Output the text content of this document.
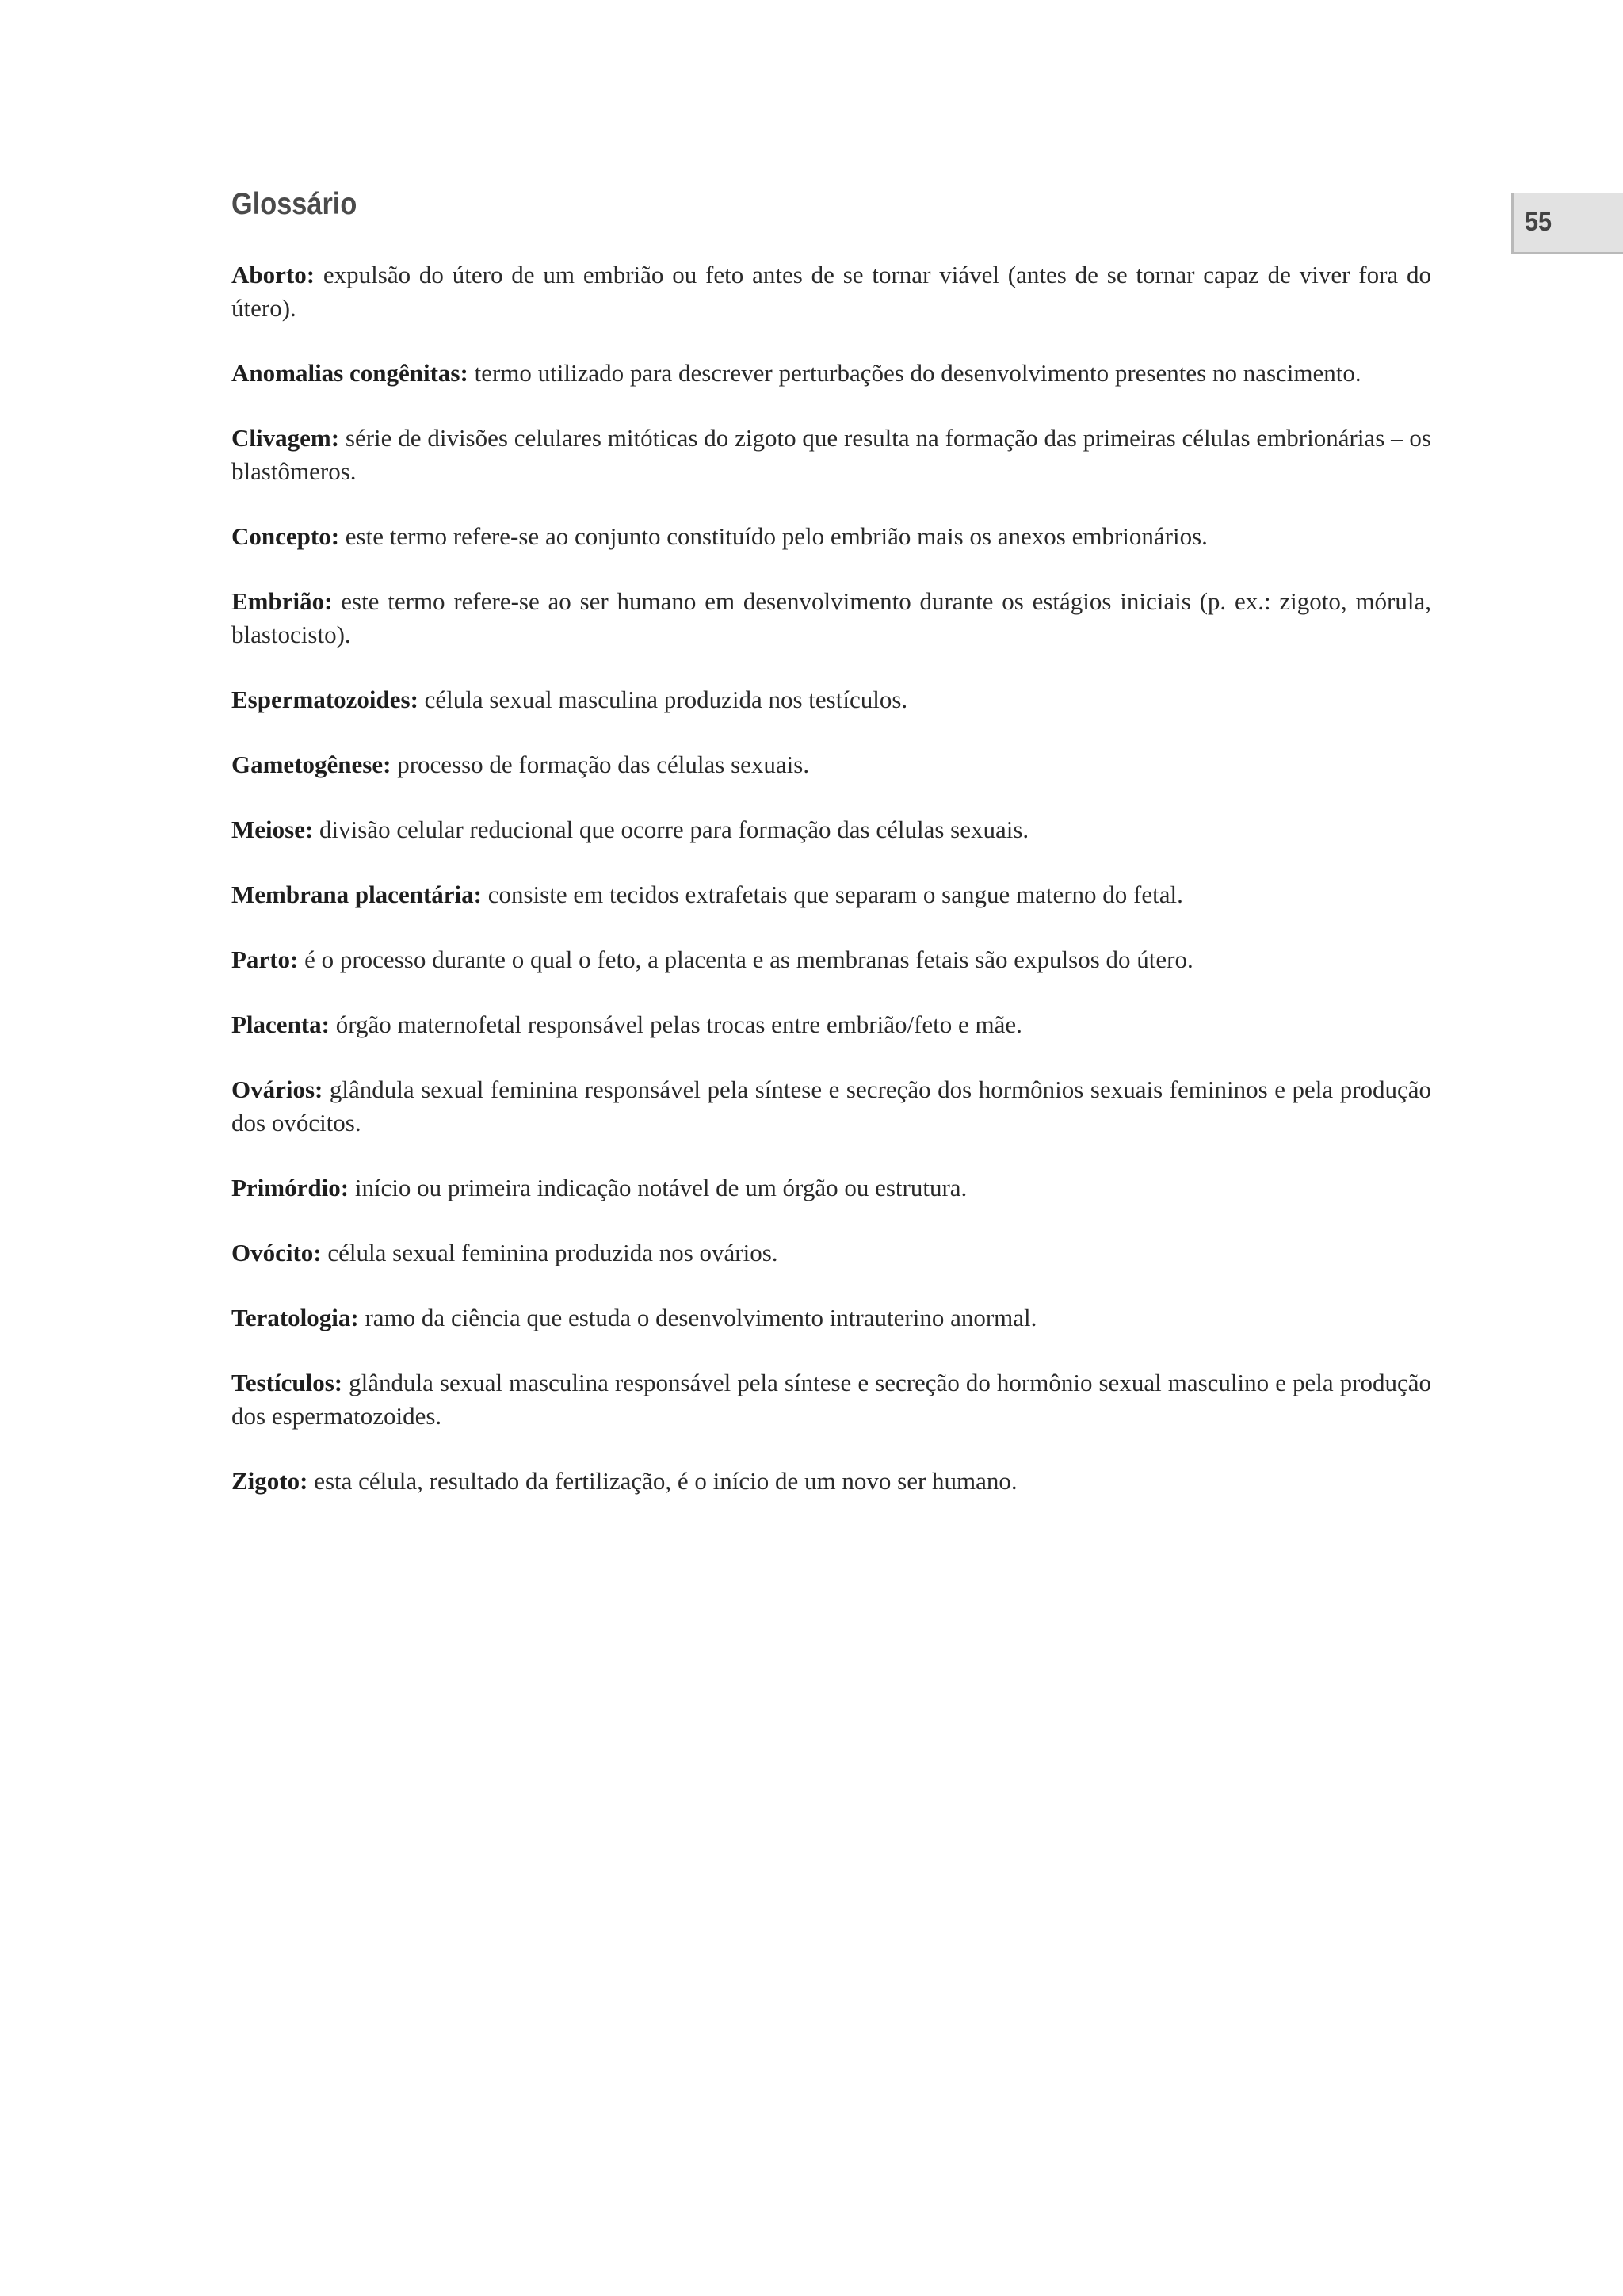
55
Glossário
Aborto: expulsão do útero de um embrião ou feto antes de se tornar viável (antes de se tornar capaz de viver fora do útero).
Anomalias congênitas: termo utilizado para descrever perturbações do desenvolvimento presentes no nascimento.
Clivagem: série de divisões celulares mitóticas do zigoto que resulta na formação das primeiras células embrionárias – os blastômeros.
Concepto: este termo refere-se ao conjunto constituído pelo embrião mais os anexos embrionários.
Embrião: este termo refere-se ao ser humano em desenvolvimento durante os estágios iniciais (p. ex.: zigoto, mórula, blastocisto).
Espermatozoides: célula sexual masculina produzida nos testículos.
Gametogênese: processo de formação das células sexuais.
Meiose: divisão celular reducional que ocorre para formação das células sexuais.
Membrana placentária: consiste em tecidos extrafetais que separam o sangue materno do fetal.
Parto: é o processo durante o qual o feto, a placenta e as membranas fetais são expulsos do útero.
Placenta: órgão maternofetal responsável pelas trocas entre embrião/feto e mãe.
Ovários: glândula sexual feminina responsável pela síntese e secreção dos hormônios sexuais femininos e pela produção dos ovócitos.
Primórdio: início ou primeira indicação notável de um órgão ou estrutura.
Ovócito: célula sexual feminina produzida nos ovários.
Teratologia: ramo da ciência que estuda o desenvolvimento intrauterino anormal.
Testículos: glândula sexual masculina responsável pela síntese e secreção do hormônio sexual masculino e pela produção dos espermatozoides.
Zigoto: esta célula, resultado da fertilização, é o início de um novo ser humano.
